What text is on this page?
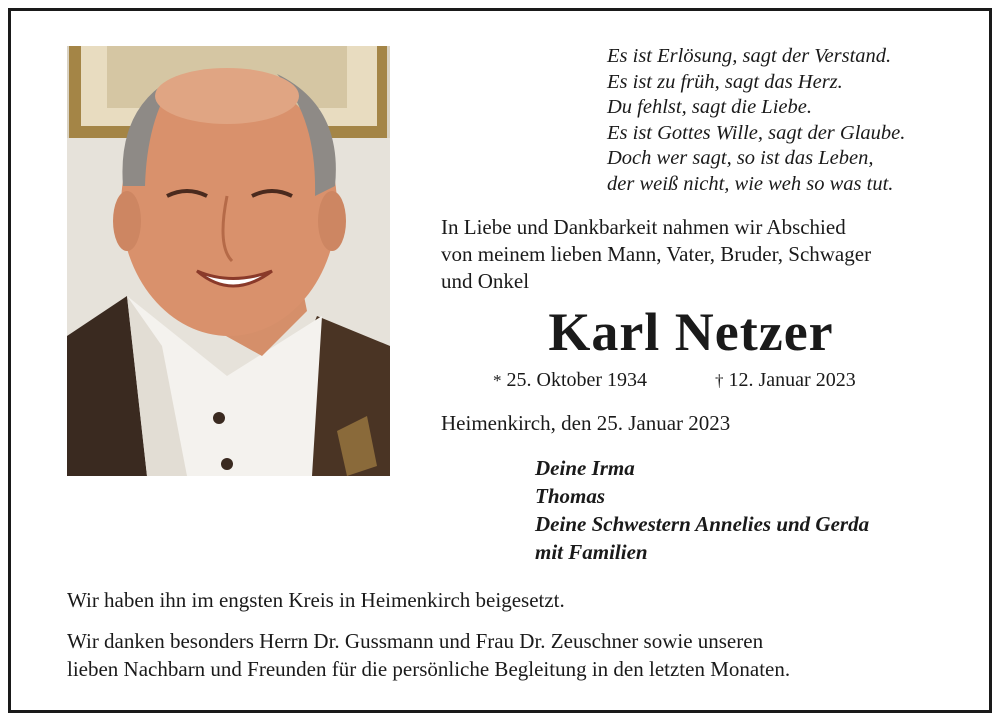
Es ist Erlösung, sagt der Verstand.
Es ist zu früh, sagt das Herz.
Du fehlst, sagt die Liebe.
Es ist Gottes Wille, sagt der Glaube.
Doch wer sagt, so ist das Leben,
der weiß nicht, wie weh so was tut.
In Liebe und Dankbarkeit nahmen wir Abschied
von meinem lieben Mann, Vater, Bruder, Schwager
und Onkel
Karl Netzer
* 25. Oktober 1934	† 12. Januar 2023
Heimenkirch, den 25. Januar 2023
Deine Irma
Thomas
Deine Schwestern Annelies und Gerda
mit Familien
Wir haben ihn im engsten Kreis in Heimenkirch beigesetzt.
Wir danken besonders Herrn Dr. Gussmann und Frau Dr. Zeuschner sowie unseren
lieben Nachbarn und Freunden für die persönliche Begleitung in den letzten Monaten.
